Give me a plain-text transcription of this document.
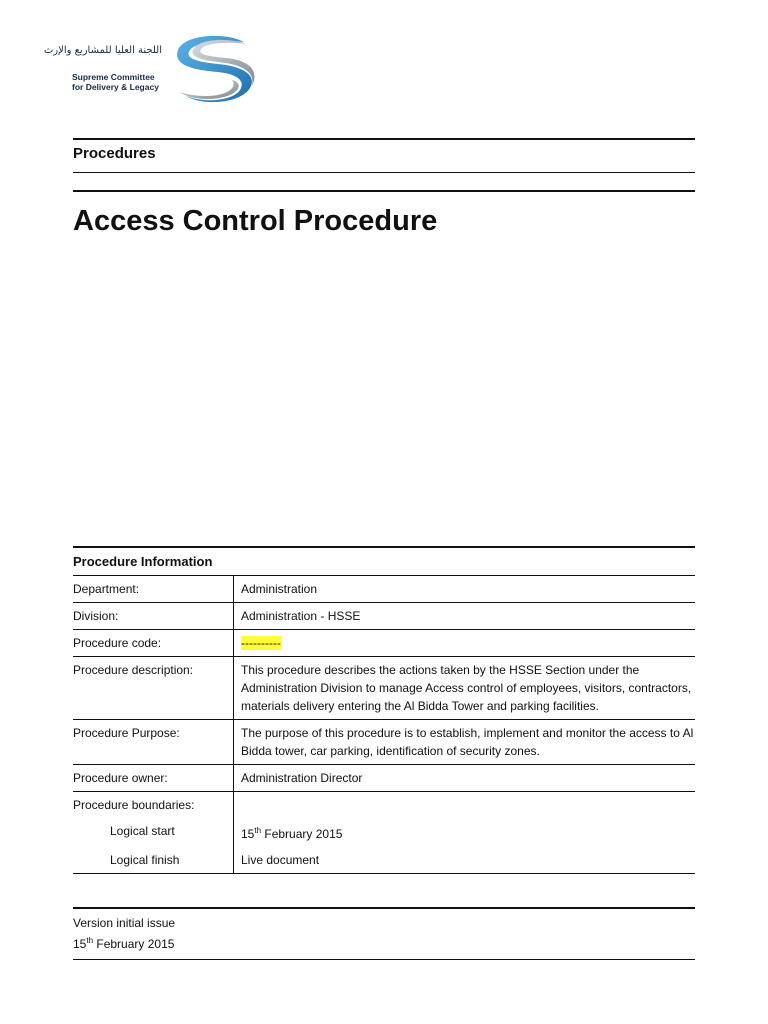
اللجنة العليا للمشاريع والإرث
Supreme Committee
for Delivery & Legacy
Procedures
Access Control Procedure
Procedure Information	
Department:	Administration
Division:	Administration - HSSE
Procedure code:	----------
Procedure description:	This procedure describes the actions taken by the HSSE Section under the Administration Division to manage Access control of employees, visitors, contractors, materials delivery entering the Al Bidda Tower and parking facilities.
Procedure Purpose:	The purpose of this procedure is to establish, implement and monitor the access to Al Bidda tower, car parking, identification of security zones.
Procedure owner:	Administration Director
Procedure boundaries:	
Logical start	15th February 2015
Logical finish	Live document
Version initial issue
15th February 2015
